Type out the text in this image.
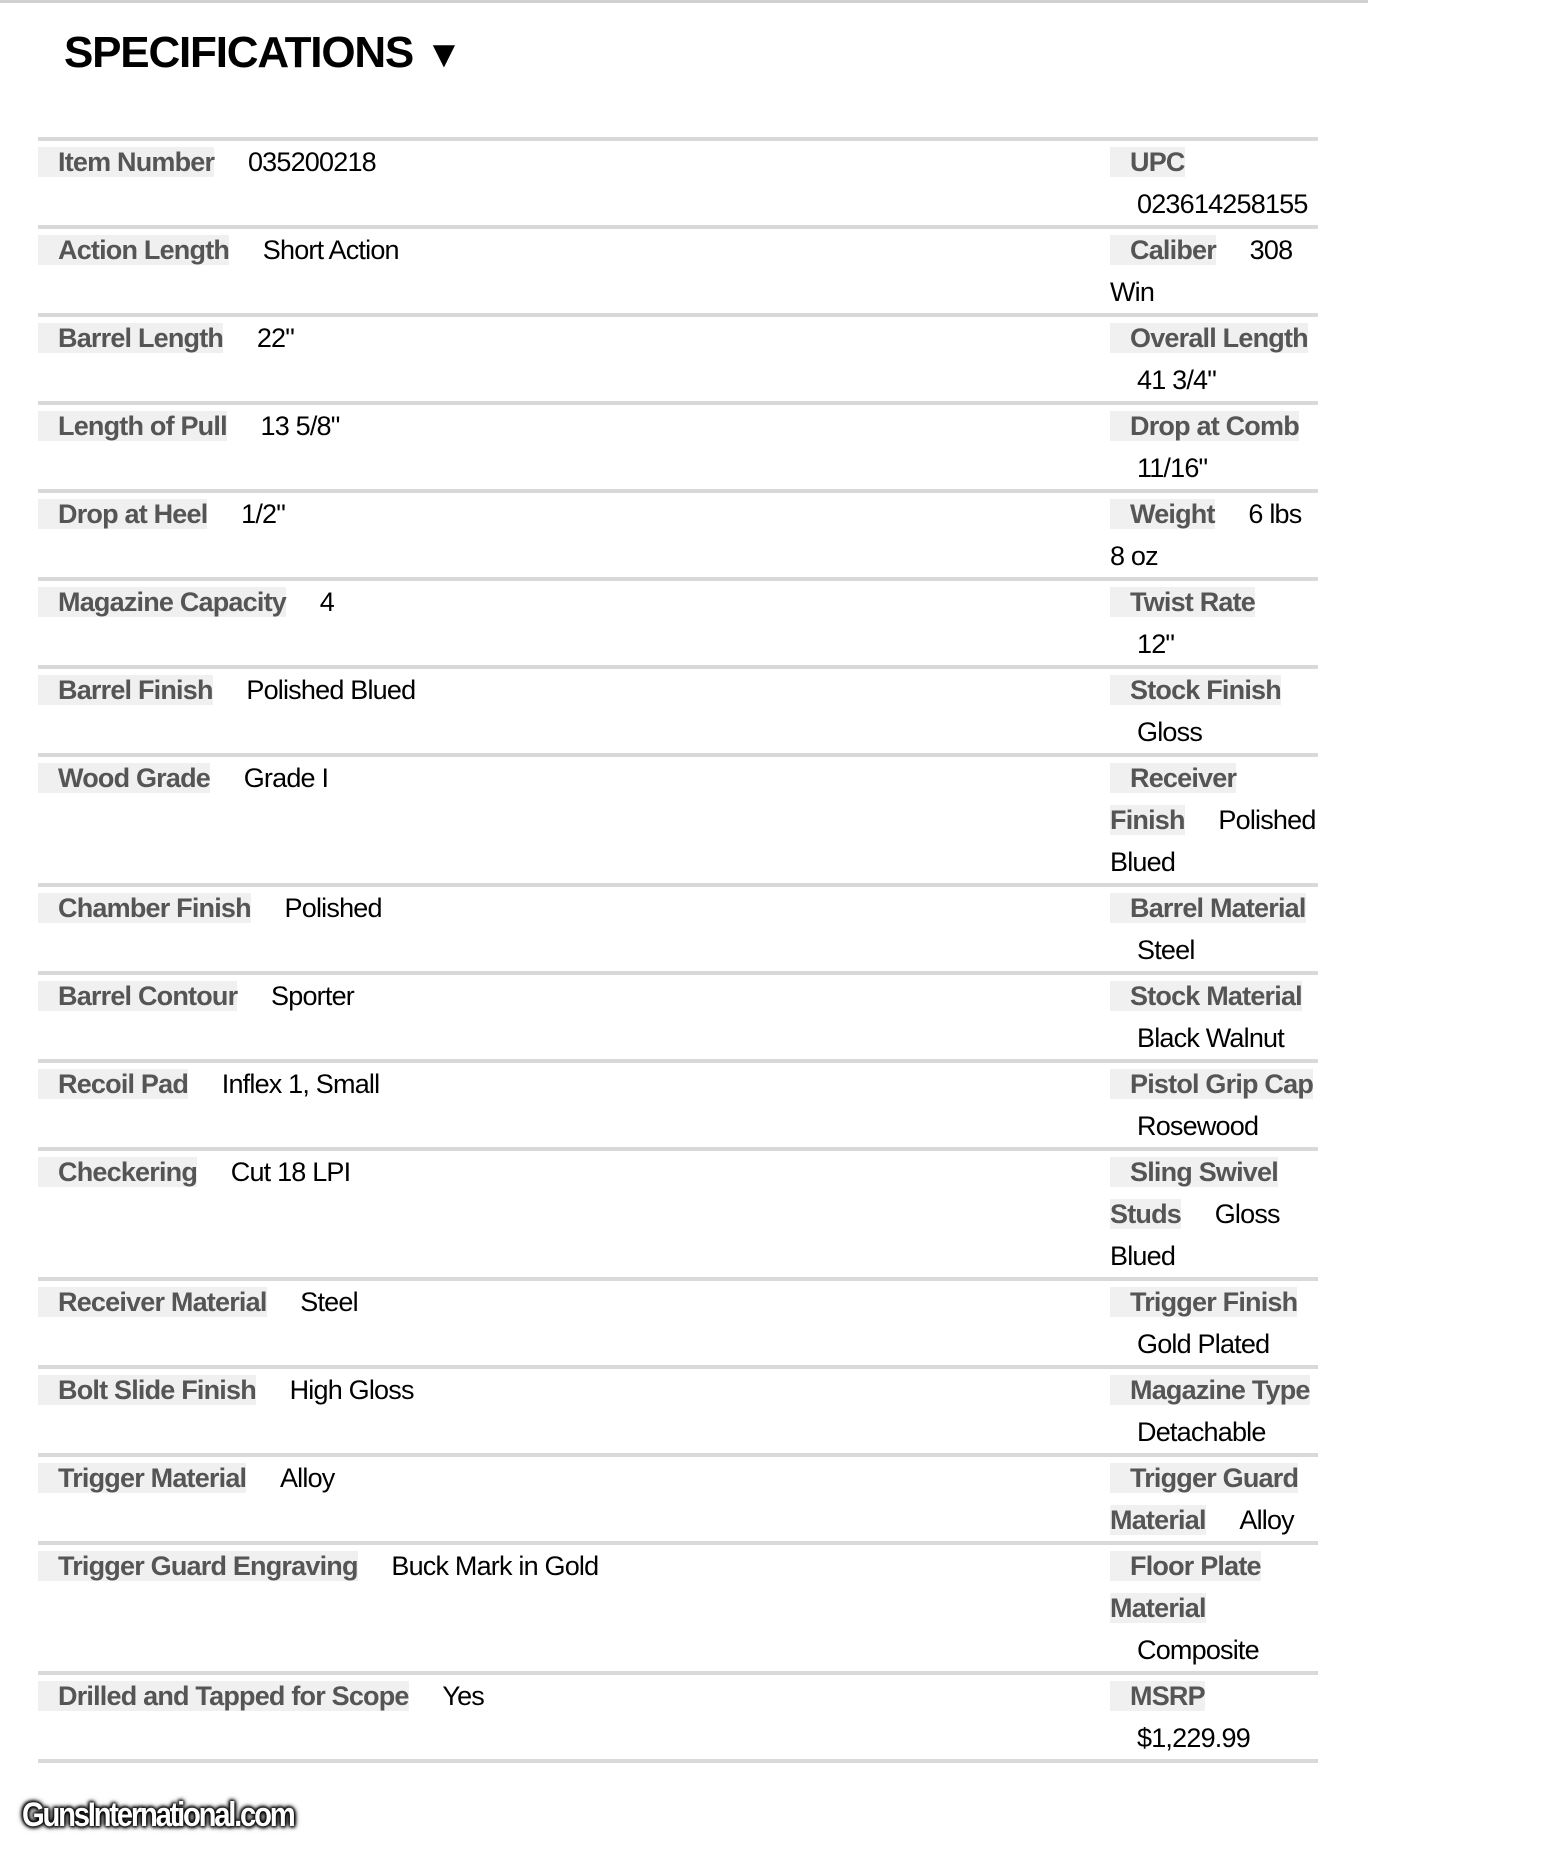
SPECIFICATIONS ▼
Item Number 035200218	UPC 023614258155
Action Length Short Action	Caliber 308 Win
Barrel Length 22"	Overall Length 41 3/4"
Length of Pull 13 5/8"	Drop at Comb 11/16"
Drop at Heel 1/2"	Weight 6 lbs 8 oz
Magazine Capacity 4	Twist Rate 12"
Barrel Finish Polished Blued	Stock Finish Gloss
Wood Grade Grade I	Receiver Finish Polished Blued
Chamber Finish Polished	Barrel Material Steel
Barrel Contour Sporter	Stock Material Black Walnut
Recoil Pad Inflex 1, Small	Pistol Grip Cap Rosewood
Checkering Cut 18 LPI	Sling Swivel Studs Gloss Blued
Receiver Material Steel	Trigger Finish Gold Plated
Bolt Slide Finish High Gloss	Magazine Type Detachable
Trigger Material Alloy	Trigger Guard Material Alloy
Trigger Guard Engraving Buck Mark in Gold	Floor Plate Material Composite
Drilled and Tapped for Scope Yes	MSRP $1,229.99
GunsInternational.com
